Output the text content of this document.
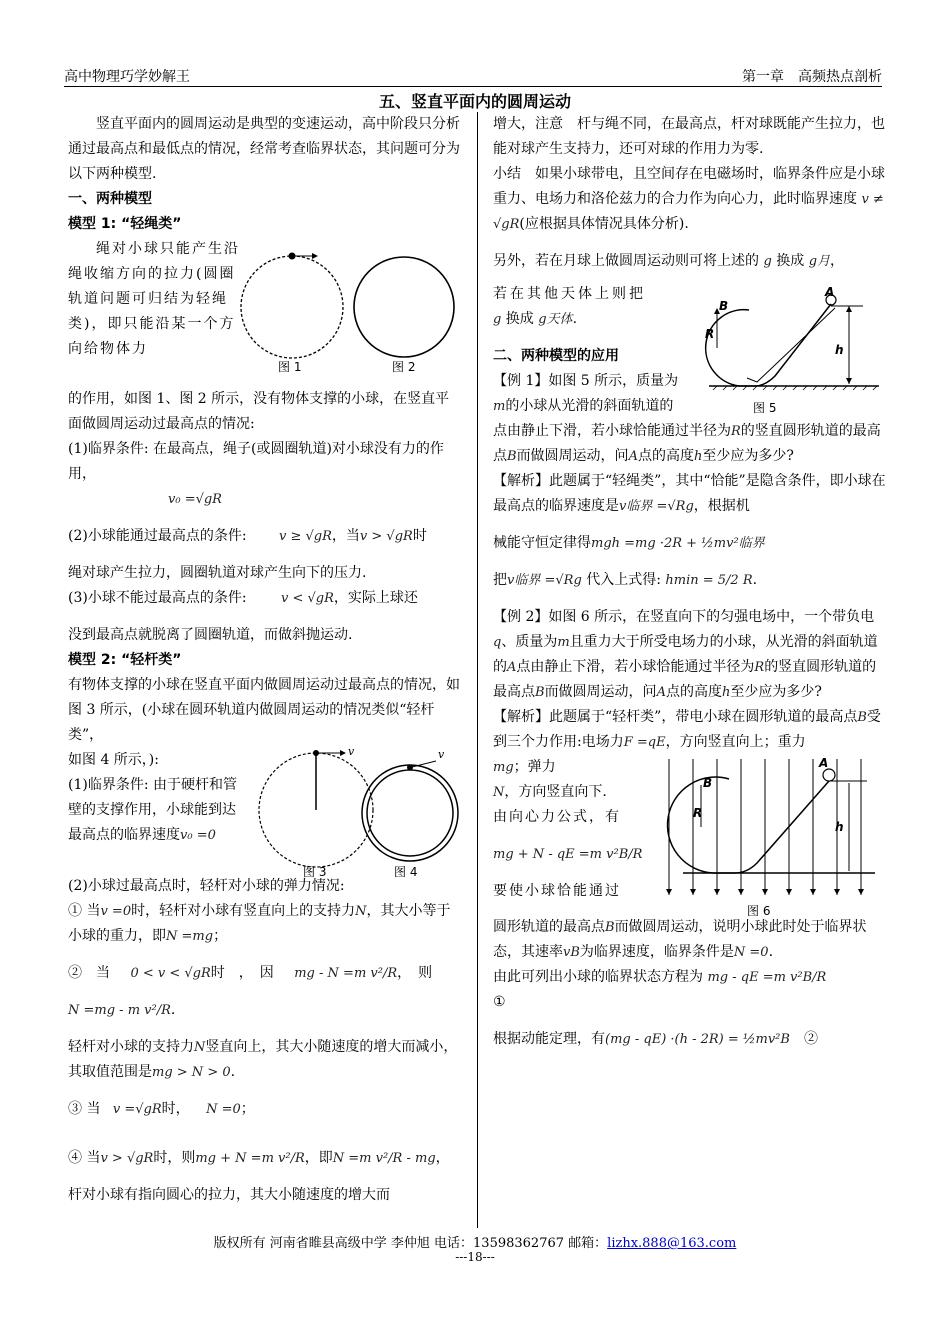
高中物理巧学妙解王	第一章　高频热点剖析
五、竖直平面内的圆周运动

竖直平面内的圆周运动是典型的变速运动，高中阶段只分析通过最高点和最低点的情况，经常考查临界状态，其问题可分为以下两种模型.

一、两种模型

模型 1: “轻绳类”

绳对小球只能产生沿绳收缩方向的拉力(圆圈轨道问题可归结为轻绳类)，即只能沿某一个方向给物体力

图 1	图 2

的作用，如图 1、图 2 所示，没有物体支撑的小球，在竖直平面做圆周运动过最高点的情况:

(1)临界条件: 在最高点，绳子(或圆圈轨道)对小球没有力的作用，

v₀ =√gR

(2)小球能通过最高点的条件: v ≥ √gR，当v > √gR时

绳对球产生拉力，圆圈轨道对球产生向下的压力.

(3)小球不能过最高点的条件:	v < √gR，实际上球还

没到最高点就脱离了圆圈轨道，而做斜抛运动.

模型 2: “轻杆类”

有物体支撑的小球在竖直平面内做圆周运动过最高点的情况，如图 3 所示，(小球在圆环轨道内做圆周运动的情况类似“轻杆类”，

如图 4 所示，):

(1)临界条件: 由于硬杆和管壁的支撑作用，小球能到达最高点的临界速度v₀ =0

v	v
图 3	图 4

(2)小球过最高点时，轻杆对小球的弹力情况:

① 当v =0时，轻杆对小球有竖直向上的支持力N，其大小等于小球的重力，即N =mg；

②　当 0 < v < √gR时　，　因 mg - N =m v²/R，　则

N =mg - m v²/R.

轻杆对小球的支持力N竖直向上，其大小随速度的增大而减小，其取值范围是mg > N > 0.

③ 当 v =√gR时， N =0；

④ 当v > √gR时，则mg + N =m v²/R，即N =m v²/R - mg，

杆对小球有指向圆心的拉力，其大小随速度的增大而

增大，注意　杆与绳不同，在最高点，杆对球既能产生拉力，也能对球产生支持力，还可对球的作用力为零.

小结　如果小球带电，且空间存在电磁场时，临界条件应是小球重力、电场力和洛伦兹力的合力作为向心力，此时临界速度 v ≠ √gR(应根据具体情况具体分析).

另外，若在月球上做圆周运动则可将上述的 g 换成 g月，

若在其他天体上则把

g 换成 g天体.

二、两种模型的应用

【例 1】如图 5 所示，质量为m的小球从光滑的斜面轨道的

B
R
A
h
图 5

点由静止下滑，若小球恰能通过半径为R的竖直圆形轨道的最高点B而做圆周运动，问A点的高度h至少应为多少?

【解析】此题属于“轻绳类”，其中“恰能”是隐含条件，即小球在最高点的临界速度是v临界 =√Rg，根据机

械能守恒定律得mgh =mg ·2R + ½mv²临界

把v临界 =√Rg 代入上式得: hmin = 5/2 R.

【例 2】如图 6 所示，在竖直向下的匀强电场中，一个带负电q、质量为m且重力大于所受电场力的小球，从光滑的斜面轨道的A点由静止下滑，若小球恰能通过半径为R的竖直圆形轨道的最高点B而做圆周运动，问A点的高度h至少应为多少?

【解析】此题属于“轻杆类”，带电小球在圆形轨道的最高点B受到三个力作用:电场力F =qE，方向竖直向上；重力

mg；弹力

N，方向竖直向下.

由向心力公式，有

mg + N - qE =m v²B/R

要使小球恰能通过

B
R
A
h
图 6

圆形轨道的最高点B而做圆周运动，说明小球此时处于临界状态，其速率vB为临界速度，临界条件是N =0.

由此可列出小球的临界状态方程为 mg - qE =m v²B/R

①

根据动能定理，有(mg - qE) ·(h - 2R) = ½mv²B　 ②

版权所有 河南省睢县高级中学 李仲旭 电话：13598362767 邮箱：lizhx.888@163.com
---18---
